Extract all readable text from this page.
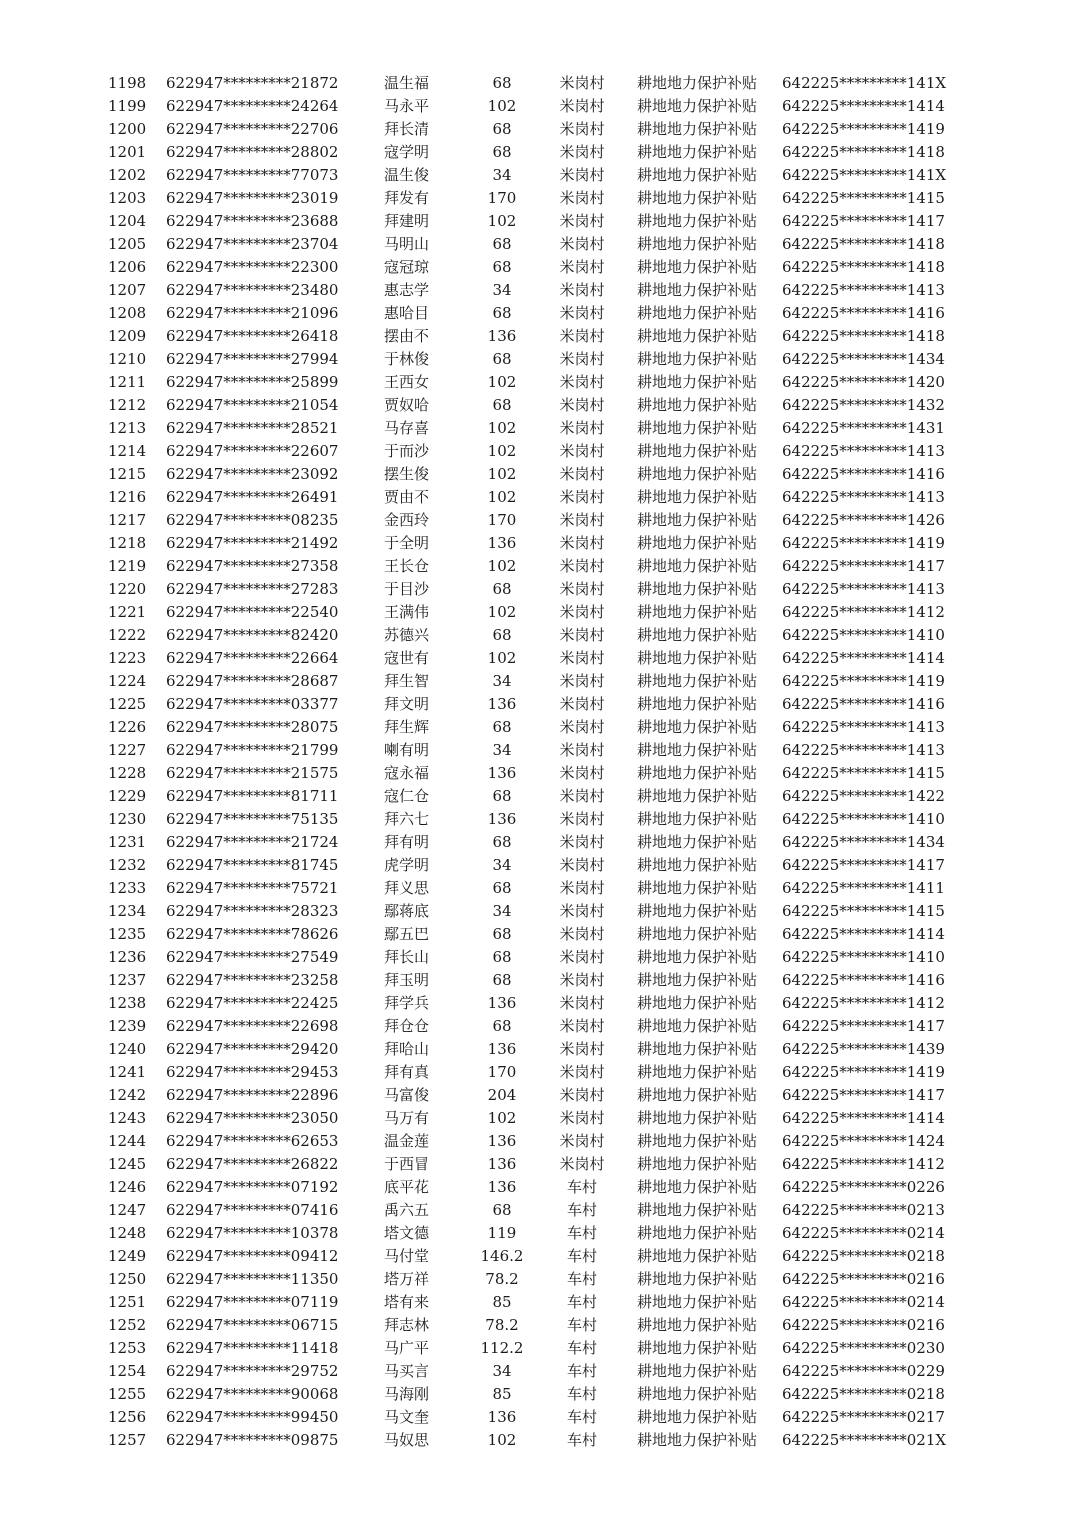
1198	622947*********21872	温生福	68	米岗村	耕地地力保护补贴	642225*********141X
1199	622947*********24264	马永平	102	米岗村	耕地地力保护补贴	642225*********1414
1200	622947*********22706	拜长清	68	米岗村	耕地地力保护补贴	642225*********1419
1201	622947*********28802	寇学明	68	米岗村	耕地地力保护补贴	642225*********1418
1202	622947*********77073	温生俊	34	米岗村	耕地地力保护补贴	642225*********141X
1203	622947*********23019	拜发有	170	米岗村	耕地地力保护补贴	642225*********1415
1204	622947*********23688	拜建明	102	米岗村	耕地地力保护补贴	642225*********1417
1205	622947*********23704	马明山	68	米岗村	耕地地力保护补贴	642225*********1418
1206	622947*********22300	寇冠琼	68	米岗村	耕地地力保护补贴	642225*********1418
1207	622947*********23480	惠志学	34	米岗村	耕地地力保护补贴	642225*********1413
1208	622947*********21096	惠哈目	68	米岗村	耕地地力保护补贴	642225*********1416
1209	622947*********26418	摆由不	136	米岗村	耕地地力保护补贴	642225*********1418
1210	622947*********27994	于林俊	68	米岗村	耕地地力保护补贴	642225*********1434
1211	622947*********25899	王西女	102	米岗村	耕地地力保护补贴	642225*********1420
1212	622947*********21054	贾奴哈	68	米岗村	耕地地力保护补贴	642225*********1432
1213	622947*********28521	马存喜	102	米岗村	耕地地力保护补贴	642225*********1431
1214	622947*********22607	于而沙	102	米岗村	耕地地力保护补贴	642225*********1413
1215	622947*********23092	摆生俊	102	米岗村	耕地地力保护补贴	642225*********1416
1216	622947*********26491	贾由不	102	米岗村	耕地地力保护补贴	642225*********1413
1217	622947*********08235	金西玲	170	米岗村	耕地地力保护补贴	642225*********1426
1218	622947*********21492	于全明	136	米岗村	耕地地力保护补贴	642225*********1419
1219	622947*********27358	王长仓	102	米岗村	耕地地力保护补贴	642225*********1417
1220	622947*********27283	于目沙	68	米岗村	耕地地力保护补贴	642225*********1413
1221	622947*********22540	王满伟	102	米岗村	耕地地力保护补贴	642225*********1412
1222	622947*********82420	苏德兴	68	米岗村	耕地地力保护补贴	642225*********1410
1223	622947*********22664	寇世有	102	米岗村	耕地地力保护补贴	642225*********1414
1224	622947*********28687	拜生智	34	米岗村	耕地地力保护补贴	642225*********1419
1225	622947*********03377	拜文明	136	米岗村	耕地地力保护补贴	642225*********1416
1226	622947*********28075	拜生辉	68	米岗村	耕地地力保护补贴	642225*********1413
1227	622947*********21799	喇有明	34	米岗村	耕地地力保护补贴	642225*********1413
1228	622947*********21575	寇永福	136	米岗村	耕地地力保护补贴	642225*********1415
1229	622947*********81711	寇仁仓	68	米岗村	耕地地力保护补贴	642225*********1422
1230	622947*********75135	拜六七	136	米岗村	耕地地力保护补贴	642225*********1410
1231	622947*********21724	拜有明	68	米岗村	耕地地力保护补贴	642225*********1434
1232	622947*********81745	虎学明	34	米岗村	耕地地力保护补贴	642225*********1417
1233	622947*********75721	拜义思	68	米岗村	耕地地力保护补贴	642225*********1411
1234	622947*********28323	鄢蒋底	34	米岗村	耕地地力保护补贴	642225*********1415
1235	622947*********78626	鄢五巴	68	米岗村	耕地地力保护补贴	642225*********1414
1236	622947*********27549	拜长山	68	米岗村	耕地地力保护补贴	642225*********1410
1237	622947*********23258	拜玉明	68	米岗村	耕地地力保护补贴	642225*********1416
1238	622947*********22425	拜学兵	136	米岗村	耕地地力保护补贴	642225*********1412
1239	622947*********22698	拜仓仓	68	米岗村	耕地地力保护补贴	642225*********1417
1240	622947*********29420	拜哈山	136	米岗村	耕地地力保护补贴	642225*********1439
1241	622947*********29453	拜有真	170	米岗村	耕地地力保护补贴	642225*********1419
1242	622947*********22896	马富俊	204	米岗村	耕地地力保护补贴	642225*********1417
1243	622947*********23050	马万有	102	米岗村	耕地地力保护补贴	642225*********1414
1244	622947*********62653	温金莲	136	米岗村	耕地地力保护补贴	642225*********1424
1245	622947*********26822	于西冒	136	米岗村	耕地地力保护补贴	642225*********1412
1246	622947*********07192	底平花	136	车村	耕地地力保护补贴	642225*********0226
1247	622947*********07416	禹六五	68	车村	耕地地力保护补贴	642225*********0213
1248	622947*********10378	塔文德	119	车村	耕地地力保护补贴	642225*********0214
1249	622947*********09412	马付堂	146.2	车村	耕地地力保护补贴	642225*********0218
1250	622947*********11350	塔万祥	78.2	车村	耕地地力保护补贴	642225*********0216
1251	622947*********07119	塔有来	85	车村	耕地地力保护补贴	642225*********0214
1252	622947*********06715	拜志林	78.2	车村	耕地地力保护补贴	642225*********0216
1253	622947*********11418	马广平	112.2	车村	耕地地力保护补贴	642225*********0230
1254	622947*********29752	马买言	34	车村	耕地地力保护补贴	642225*********0229
1255	622947*********90068	马海刚	85	车村	耕地地力保护补贴	642225*********0218
1256	622947*********99450	马文奎	136	车村	耕地地力保护补贴	642225*********0217
1257	622947*********09875	马奴思	102	车村	耕地地力保护补贴	642225*********021X
